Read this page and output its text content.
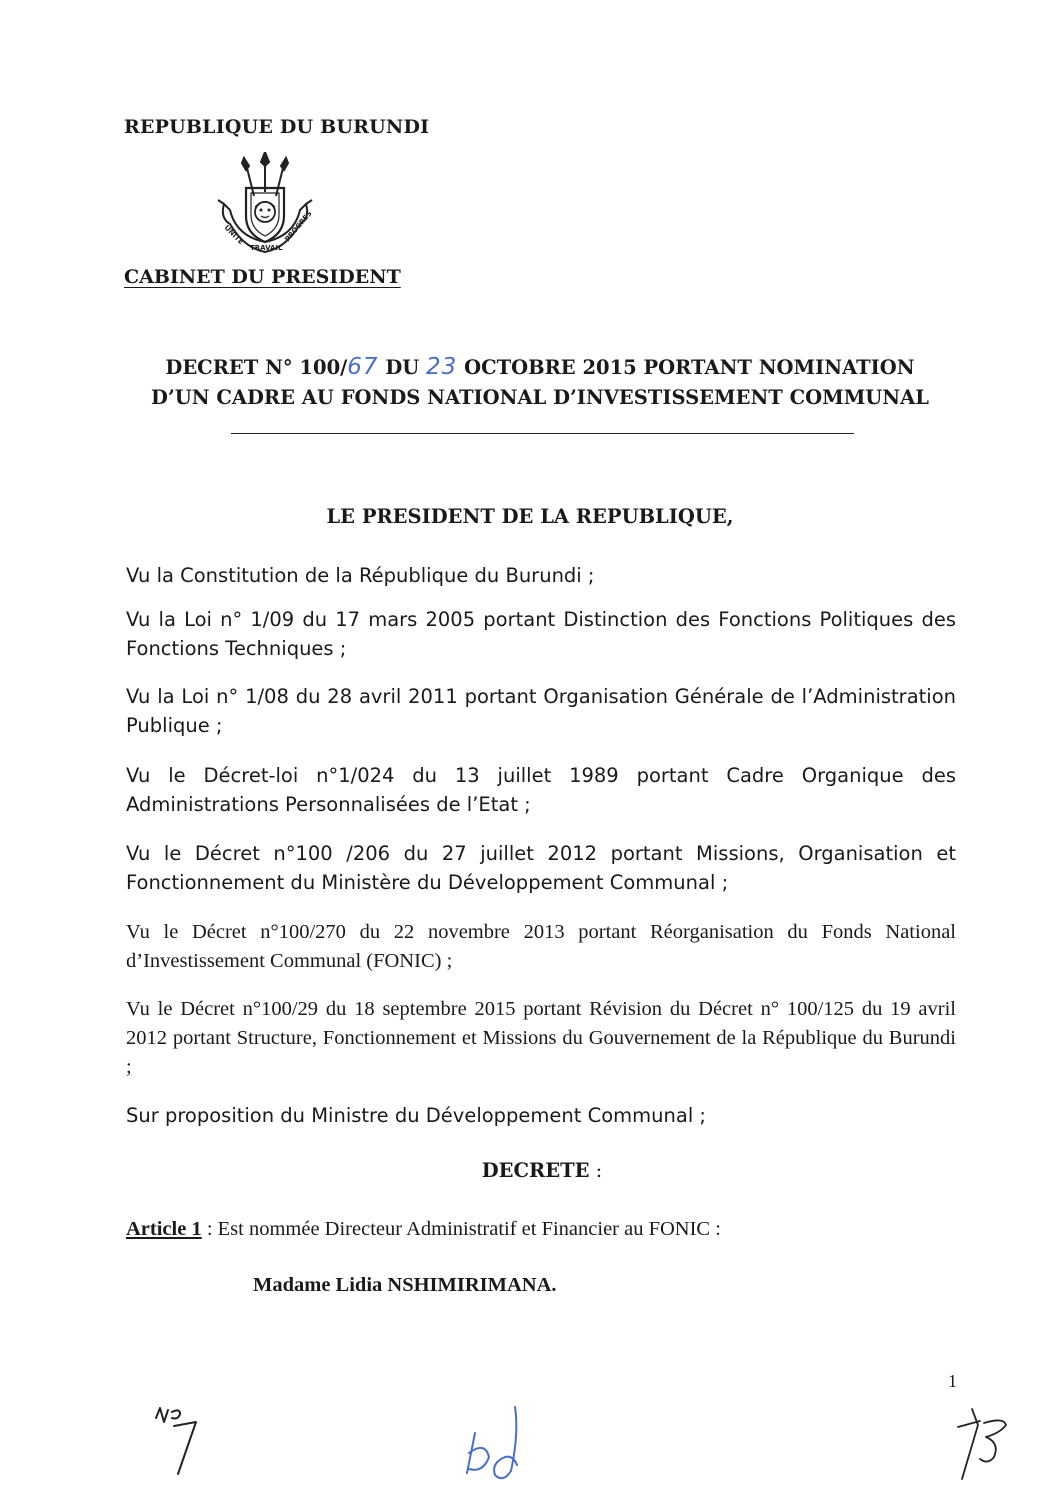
REPUBLIQUE DU BURUNDI
UNITE
TRAVAIL
PROGRES
CABINET DU PRESIDENT
DECRET N° 100/67 DU 23 OCTOBRE 2015 PORTANT NOMINATION
D’UN CADRE AU FONDS NATIONAL D’INVESTISSEMENT COMMUNAL
LE PRESIDENT DE LA REPUBLIQUE,
Vu la Constitution de la République du Burundi ;
Vu la Loi n° 1/09 du 17 mars 2005 portant Distinction des Fonctions Politiques des Fonctions Techniques ;
Vu la Loi n° 1/08 du 28 avril 2011 portant Organisation Générale de l’Administration Publique ;
Vu le Décret-loi n°1/024 du 13 juillet 1989 portant Cadre Organique des Administrations Personnalisées de l’Etat ;
Vu le Décret n°100 /206 du 27 juillet 2012 portant Missions, Organisation et Fonctionnement du Ministère du Développement Communal ;
Vu le Décret n°100/270 du 22 novembre 2013 portant Réorganisation du Fonds National d’Investissement Communal (FONIC) ;
Vu le Décret n°100/29 du 18 septembre 2015 portant Révision du Décret n° 100/125 du 19 avril 2012 portant Structure, Fonctionnement et Missions du Gouvernement de la République du Burundi ;
Sur proposition du Ministre du Développement Communal ;
DECRETE :
Article 1 : Est nommée Directeur Administratif et Financier au FONIC :
Madame Lidia NSHIMIRIMANA.
1
